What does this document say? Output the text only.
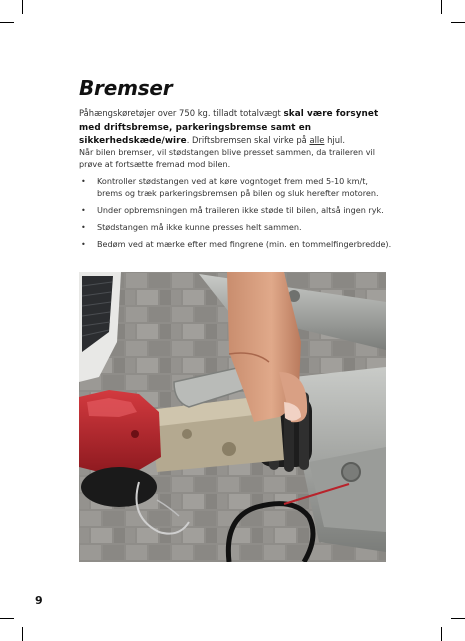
Bremser

Påhængskøretøjer over 750 kg. tilladt totalvægt skal være forsynet med driftsbremse, parkeringsbremse samt en sikkerhedskæde/wire. Driftsbremsen skal virke på alle hjul.

Når bilen bremser, vil stødstangen blive presset sammen, da traileren vil prøve at fortsætte fremad mod bilen.

• Kontroller stødstangen ved at køre vogntoget frem med 5-10 km/t, brems og træk parkeringsbremsen på bilen og sluk herefter motoren.
• Under opbremsningen må traileren ikke støde til bilen, altså ingen ryk.
• Stødstangen må ikke kunne presses helt sammen.
• Bedøm ved at mærke efter med fingrene (min. en tommelfingerbredde).
9
